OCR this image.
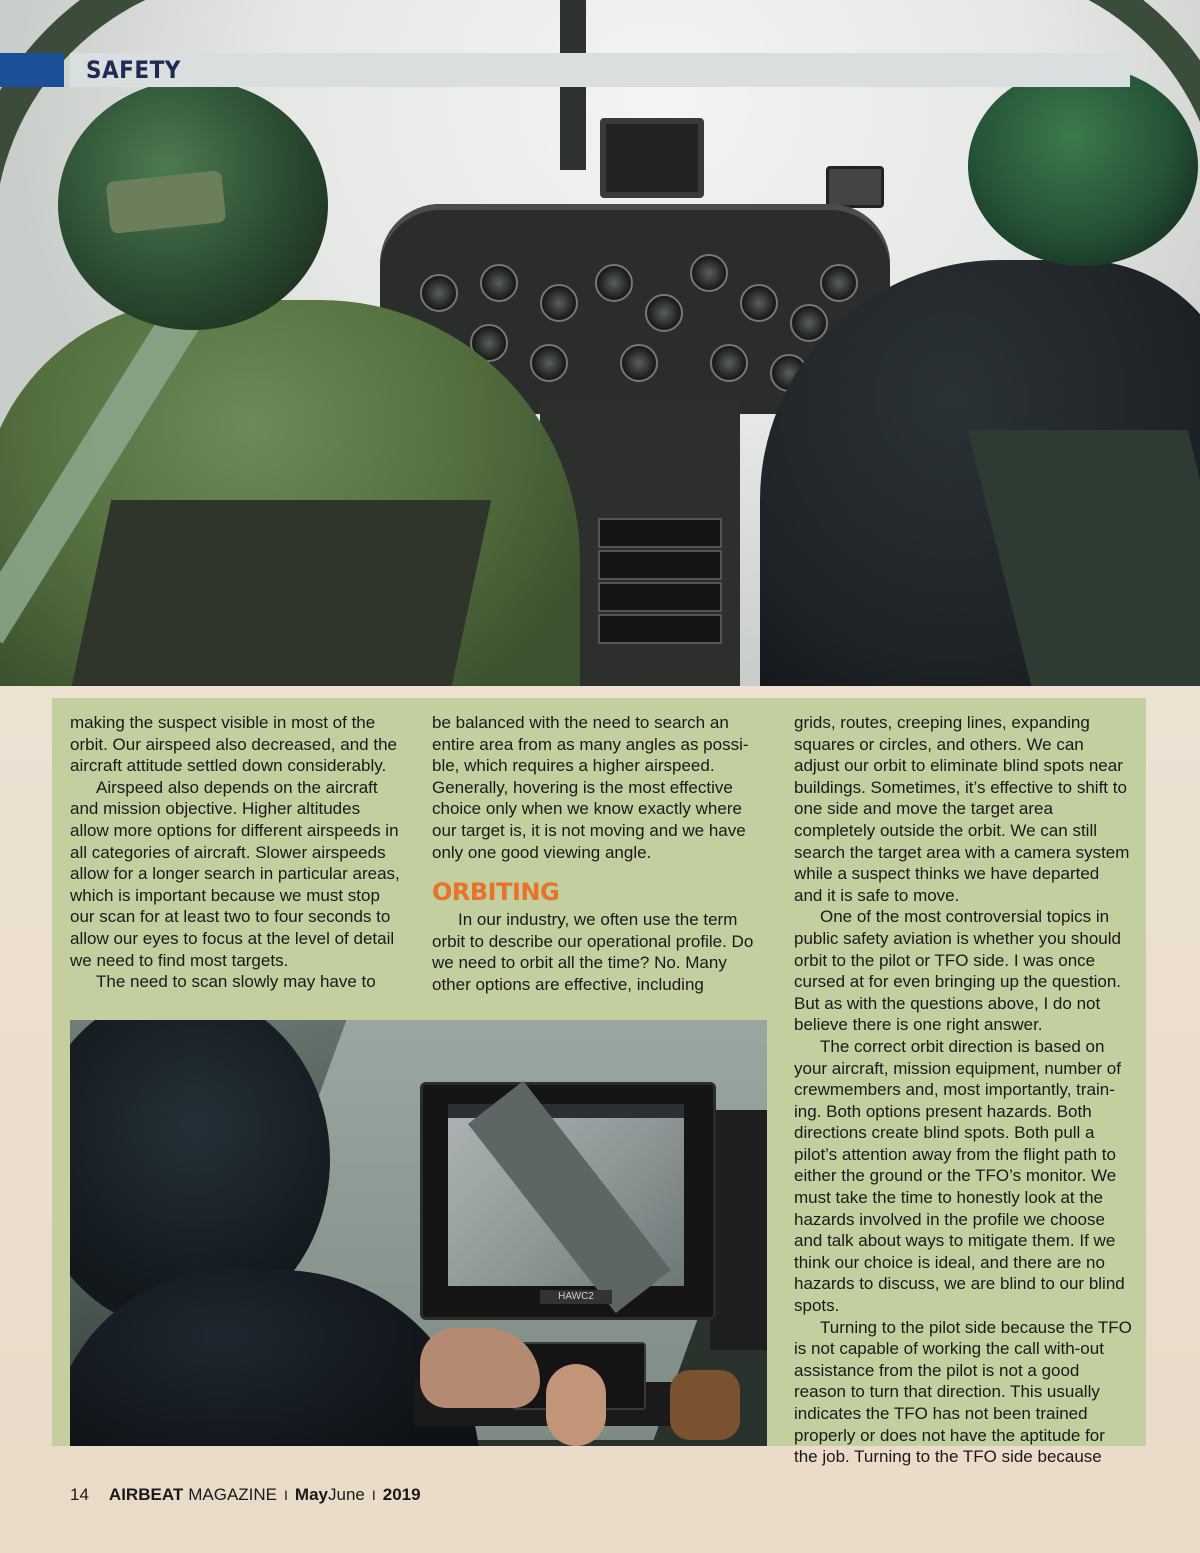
SAFETY

making the suspect visible in most of the orbit. Our airspeed also decreased, and the aircraft attitude settled down considerably.

Airspeed also depends on the aircraft and mission objective. Higher altitudes allow more options for different airspeeds in all categories of aircraft. Slower airspeeds allow for a longer search in particular areas, which is important because we must stop our scan for at least two to four seconds to allow our eyes to focus at the level of detail we need to find most targets.

The need to scan slowly may have to

be balanced with the need to search an entire area from as many angles as possi-ble, which requires a higher airspeed. Generally, hovering is the most effective choice only when we know exactly where our target is, it is not moving and we have only one good viewing angle.

ORBITING

In our industry, we often use the term orbit to describe our operational profile. Do we need to orbit all the time? No. Many other options are effective, including

grids, routes, creeping lines, expanding squares or circles, and others. We can adjust our orbit to eliminate blind spots near buildings. Sometimes, it’s effective to shift to one side and move the target area completely outside the orbit. We can still search the target area with a camera system while a suspect thinks we have departed and it is safe to move.

One of the most controversial topics in public safety aviation is whether you should orbit to the pilot or TFO side. I was once cursed at for even bringing up the question. But as with the questions above, I do not believe there is one right answer.

The correct orbit direction is based on your aircraft, mission equipment, number of crewmembers and, most importantly, train-ing. Both options present hazards. Both directions create blind spots. Both pull a pilot’s attention away from the flight path to either the ground or the TFO’s monitor. We must take the time to honestly look at the hazards involved in the profile we choose and talk about ways to mitigate them. If we think our choice is ideal, and there are no hazards to discuss, we are blind to our blind spots.

Turning to the pilot side because the TFO is not capable of working the call with-out assistance from the pilot is not a good reason to turn that direction. This usually indicates the TFO has not been trained properly or does not have the aptitude for the job. Turning to the TFO side because

HAWC2
14 AIRBEAT MAGAZINE I May June I 2019
